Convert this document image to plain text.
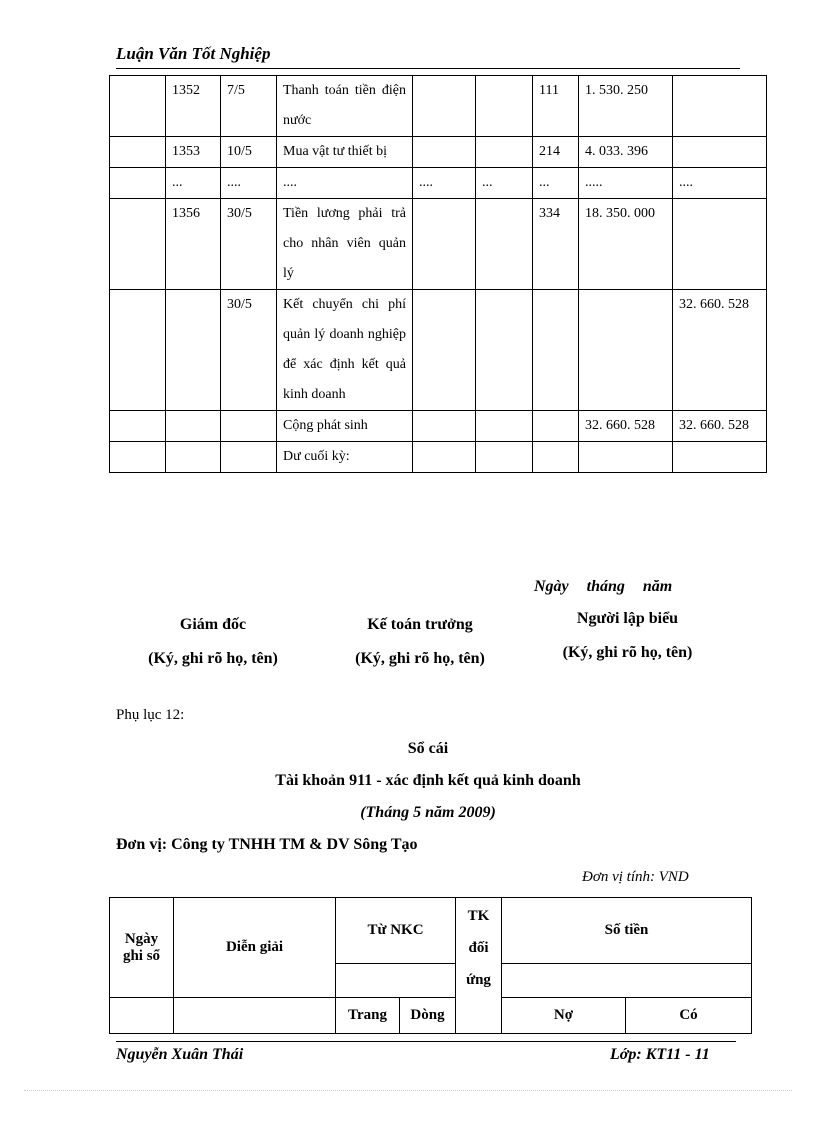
Luận Văn Tốt Nghiệp
	1352	7/5	Thanh toán tiền điện nước			111	1. 530. 250	
	1353	10/5	Mua vật tư thiết bị			214	4. 033. 396	
	...	....	....	....	...	...	.....	....
	1356	30/5	Tiền lương phải trả cho nhân viên quản lý			334	18. 350. 000	
		30/5	Kết chuyển chi phí quản lý doanh nghiệp để xác định kết quả kinh doanh					32. 660. 528
			Cộng phát sinh				32. 660. 528	32. 660. 528
			Dư cuối kỳ:					
Ngày tháng năm
Giám đốc
(Ký, ghi rõ họ, tên)
Kế toán trưởng
(Ký, ghi rõ họ, tên)
Người lập biểu
(Ký, ghi rõ họ, tên)
Phụ lục 12:
Sổ cái
Tài khoản 911 - xác định kết quả kinh doanh
(Tháng 5 năm 2009)
Đơn vị: Công ty TNHH TM & DV Sông Tạo
Đơn vị tính: VND
Ngày ghi sổ	Diễn giải	Từ NKC		TK đối ứng	Số tiền	

		Trang	Dòng		Nợ	Có
Nguyễn Xuân Thái	Lớp: KT11 - 11
